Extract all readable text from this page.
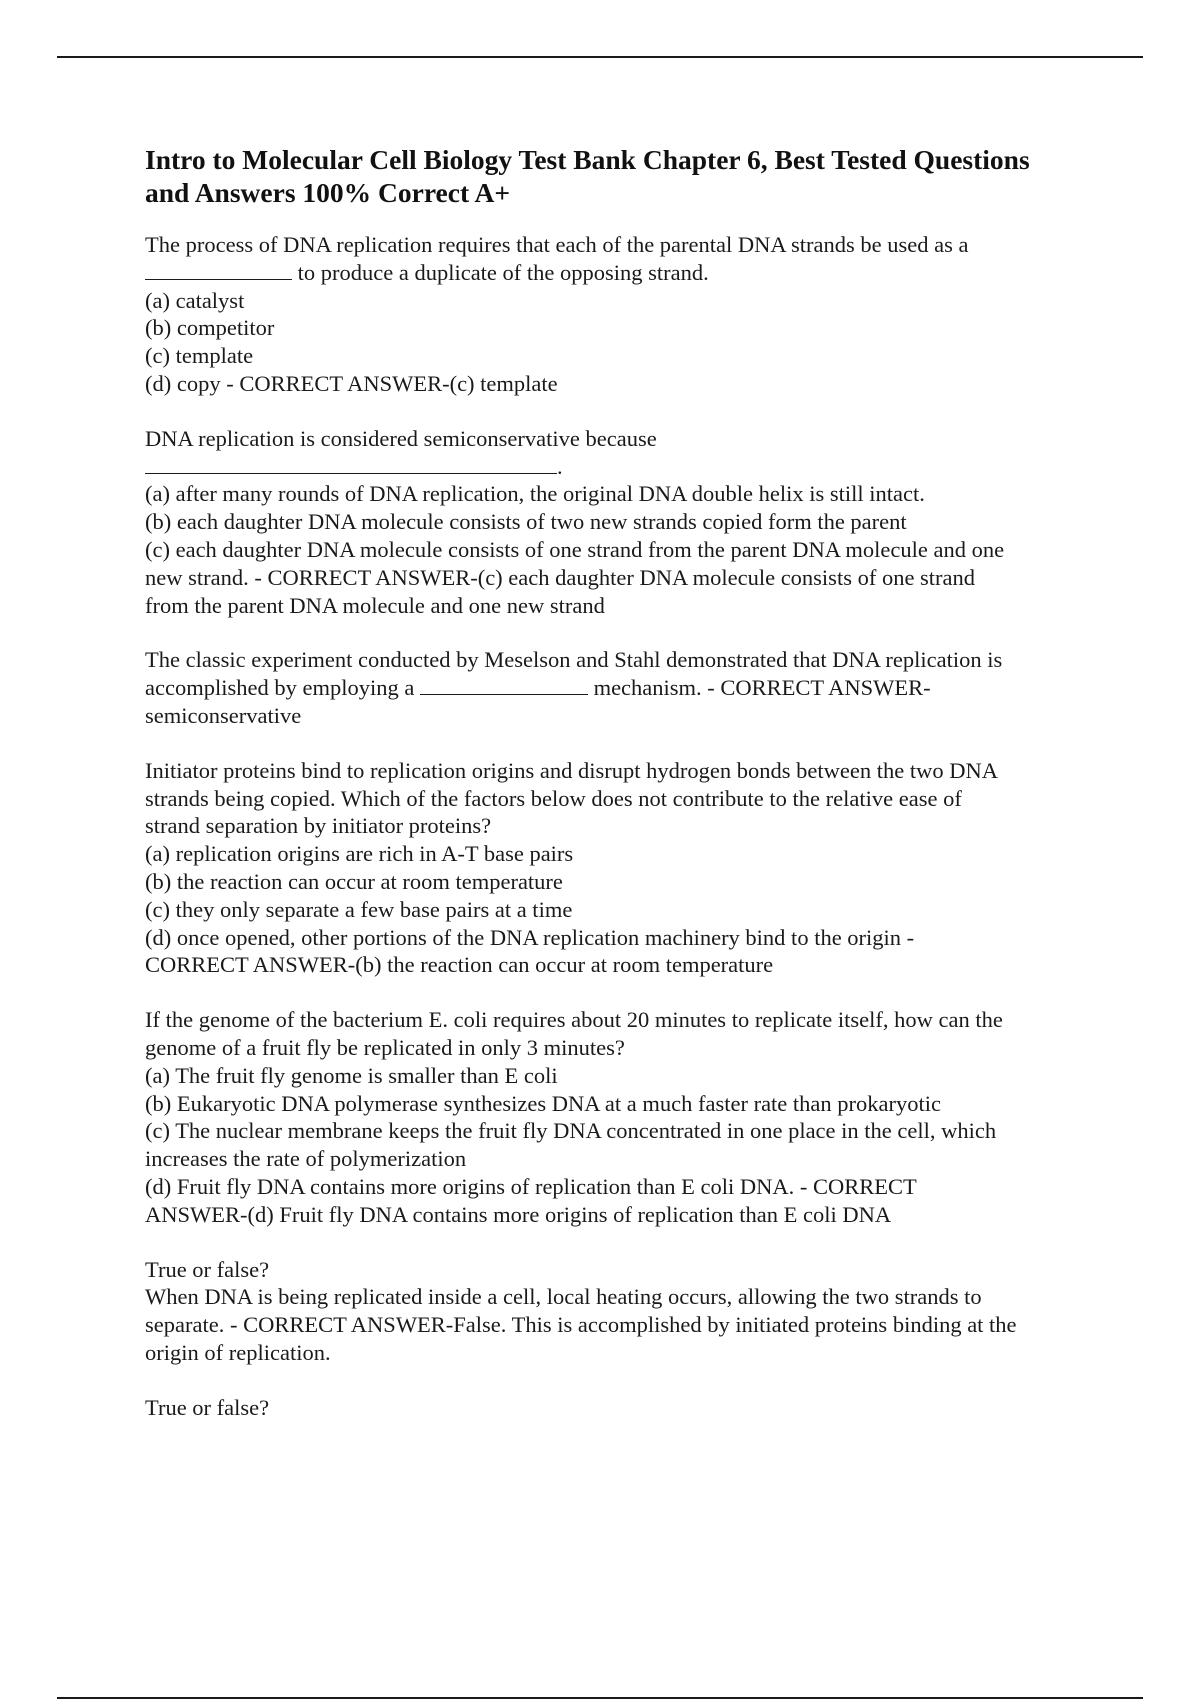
Intro to Molecular Cell Biology Test Bank Chapter 6, Best Tested Questions
and Answers 100% Correct A+
The process of DNA replication requires that each of the parental DNA strands be used as a
to produce a duplicate of the opposing strand.
(a) catalyst
(b) competitor
(c) template
(d) copy - CORRECT ANSWER-(c) template
DNA replication is considered semiconservative because
.
(a) after many rounds of DNA replication, the original DNA double helix is still intact.
(b) each daughter DNA molecule consists of two new strands copied form the parent
(c) each daughter DNA molecule consists of one strand from the parent DNA molecule and one
new strand. - CORRECT ANSWER-(c) each daughter DNA molecule consists of one strand
from the parent DNA molecule and one new strand
The classic experiment conducted by Meselson and Stahl demonstrated that DNA replication is
accomplished by employing a	mechanism. - CORRECT ANSWER-
semiconservative
Initiator proteins bind to replication origins and disrupt hydrogen bonds between the two DNA
strands being copied. Which of the factors below does not contribute to the relative ease of
strand separation by initiator proteins?
(a) replication origins are rich in A-T base pairs
(b) the reaction can occur at room temperature
(c) they only separate a few base pairs at a time
(d) once opened, other portions of the DNA replication machinery bind to the origin -
CORRECT ANSWER-(b) the reaction can occur at room temperature
If the genome of the bacterium E. coli requires about 20 minutes to replicate itself, how can the
genome of a fruit fly be replicated in only 3 minutes?
(a) The fruit fly genome is smaller than E coli
(b) Eukaryotic DNA polymerase synthesizes DNA at a much faster rate than prokaryotic
(c) The nuclear membrane keeps the fruit fly DNA concentrated in one place in the cell, which
increases the rate of polymerization
(d) Fruit fly DNA contains more origins of replication than E coli DNA. - CORRECT
ANSWER-(d) Fruit fly DNA contains more origins of replication than E coli DNA
True or false?
When DNA is being replicated inside a cell, local heating occurs, allowing the two strands to
separate. - CORRECT ANSWER-False. This is accomplished by initiated proteins binding at the
origin of replication.
True or false?
